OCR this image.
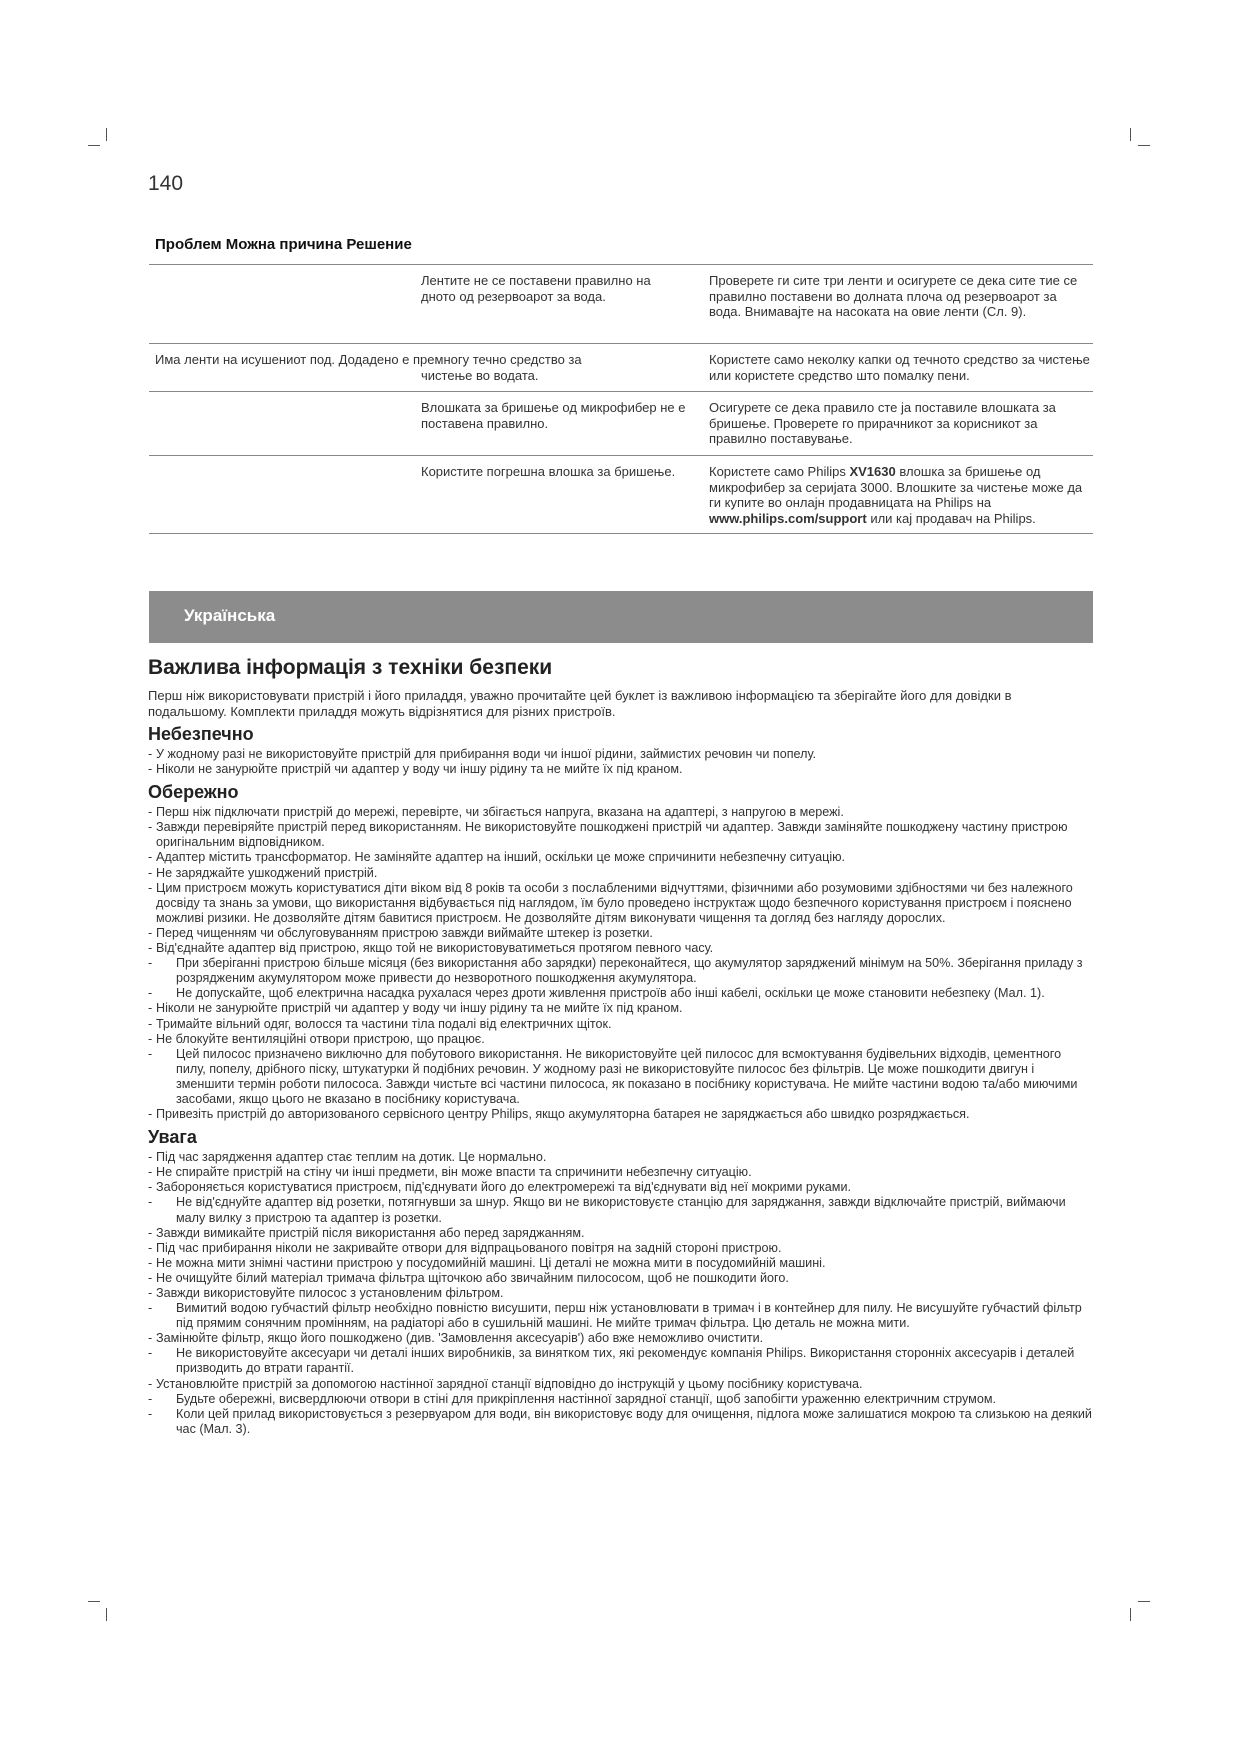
140
Проблем Можна причина Решение
Лентите не се поставени правилно на дното од резервоарот за вода.
Проверете ги сите три ленти и осигурете се дека сите тие се правилно поставени во долната плоча од резервоарот за вода. Внимавајте на насоката на овие ленти (Сл. 9).
Има ленти на исушениот под. Додадено е премногу течно средство за
чистење во водата.
Користете само неколку капки од течното средство за чистење или користете средство што помалку пени.
Влошката за бришење од микрофибер не е поставена правилно.
Осигурете се дека правило сте ја поставиле влошката за бришење. Проверете го прирачникот за корисникот за правилно поставување.
Користите погрешна влошка за бришење.	Користете само Philips XV1630 влошка за бришење од микрофибер за серијата 3000. Влошките за чистење може да ги купите во онлајн продавницата на Philips на www.philips.com/support или кај продавач на Philips.
Українська
Важлива інформація з техніки безпеки

Перш ніж використовувати пристрій і його приладдя, уважно прочитайте цей буклет із важливою інформацією та зберігайте його для довідки в подальшому. Комплекти приладдя можуть відрізнятися для різних пристроїв.

Небезпечно
- У жодному разі не використовуйте пристрій для прибирання води чи іншої рідини, займистих речовин чи попелу.
- Ніколи не занурюйте пристрій чи адаптер у воду чи іншу рідину та не мийте їх під краном.
Обережно
- Перш ніж підключати пристрій до мережі, перевірте, чи збігається напруга, вказана на адаптері, з напругою в мережі.
- Завжди перевіряйте пристрій перед використанням. Не використовуйте пошкоджені пристрій чи адаптер. Завжди заміняйте пошкоджену частину пристрою оригінальним відповідником.
- Адаптер містить трансформатор. Не заміняйте адаптер на інший, оскільки це може спричинити небезпечну ситуацію.
- Не заряджайте ушкоджений пристрій.
- Цим пристроєм можуть користуватися діти віком від 8 років та особи з послабленими відчуттями, фізичними або розумовими здібностями чи без належного досвіду та знань за умови, що використання відбувається під наглядом, їм було проведено інструктаж щодо безпечного користування пристроєм і пояснено можливі ризики. Не дозволяйте дітям бавитися пристроєм. Не дозволяйте дітям виконувати чищення та догляд без нагляду дорослих.
- Перед чищенням чи обслуговуванням пристрою завжди виймайте штекер із розетки.
- Від'єднайте адаптер від пристрою, якщо той не використовуватиметься протягом певного часу.
- При зберіганні пристрою більше місяця (без використання або зарядки) переконайтеся, що акумулятор заряджений мінімум на 50%. Зберігання приладу з розрядженим акумулятором може привести до незворотного пошкодження акумулятора.
- Не допускайте, щоб електрична насадка рухалася через дроти живлення пристроїв або інші кабелі, оскільки це може становити небезпеку (Мал. 1).
- Ніколи не занурюйте пристрій чи адаптер у воду чи іншу рідину та не мийте їх під краном.
- Тримайте вільний одяг, волосся та частини тіла подалі від електричних щіток.
- Не блокуйте вентиляційні отвори пристрою, що працює.
- Цей пилосос призначено виключно для побутового використання. Не використовуйте цей пилосос для всмоктування будівельних відходів, цементного пилу, попелу, дрібного піску, штукатурки й подібних речовин. У жодному разі не використовуйте пилосос без фільтрів. Це може пошкодити двигун і зменшити термін роботи пилососа. Завжди чистьте всі частини пилососа, як показано в посібнику користувача. Не мийте частини водою та/або миючими засобами, якщо цього не вказано в посібнику користувача.
- Привезіть пристрій до авторизованого сервісного центру Philips, якщо акумуляторна батарея не заряджається або швидко розряджається.
Увага
- Під час зарядження адаптер стає теплим на дотик. Це нормально.
- Не спирайте пристрій на стіну чи інші предмети, він може впасти та спричинити небезпечну ситуацію.
- Забороняється користуватися пристроєм, під'єднувати його до електромережі та від'єднувати від неї мокрими руками.
- Не від'єднуйте адаптер від розетки, потягнувши за шнур. Якщо ви не використовуєте станцію для заряджання, завжди відключайте пристрій, виймаючи малу вилку з пристрою та адаптер із розетки.
- Завжди вимикайте пристрій після використання або перед заряджанням.
- Під час прибирання ніколи не закривайте отвори для відпрацьованого повітря на задній стороні пристрою.
- Не можна мити знімні частини пристрою у посудомийній машині. Ці деталі не можна мити в посудомийній машині.
- Не очищуйте білий матеріал тримача фільтра щіточкою або звичайним пилососом, щоб не пошкодити його.
- Завжди використовуйте пилосос з установленим фільтром.
- Вимитий водою губчастий фільтр необхідно повністю висушити, перш ніж установлювати в тримач і в контейнер для пилу. Не висушуйте губчастий фільтр під прямим сонячним промінням, на радіаторі або в сушильній машині. Не мийте тримач фільтра. Цю деталь не можна мити.
- Замінюйте фільтр, якщо його пошкоджено (див. 'Замовлення аксесуарів') або вже неможливо очистити.
- Не використовуйте аксесуари чи деталі інших виробників, за винятком тих, які рекомендує компанія Philips. Використання сторонніх аксесуарів і деталей призводить до втрати гарантії.
- Установлюйте пристрій за допомогою настінної зарядної станції відповідно до інструкцій у цьому посібнику користувача.
- Будьте обережні, висвердлюючи отвори в стіні для прикріплення настінної зарядної станції, щоб запобігти ураженню електричним струмом.
- Коли цей прилад використовується з резервуаром для води, він використовує воду для очищення, підлога може залишатися мокрою та слизькою на деякий час (Мал. 3).
